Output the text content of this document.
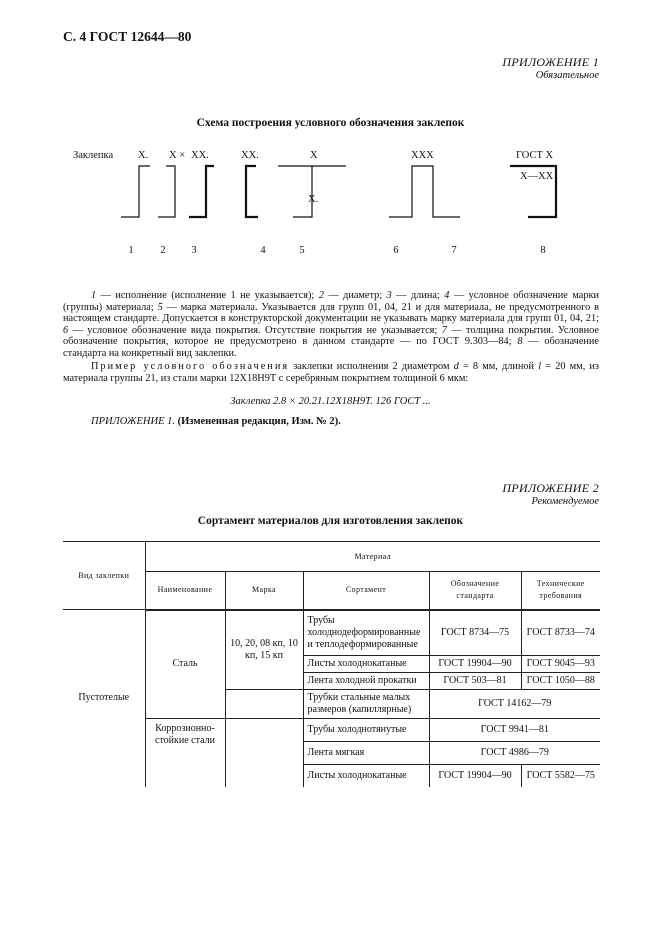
С. 4 ГОСТ 12644—80
ПРИЛОЖЕНИЕ 1
Обязательное
Схема построения условного обозначения заклепок
Заклепка Х. Х × ХХ.	ХХ.	Х
Х.
ХХХ	ГОСТ Х
...
Х—ХХ
1	2	3	4	5	6	7	8

1 — исполнение (исполнение 1 не указывается); 2 — диаметр; 3 — длина; 4 — условное обозначение марки (группы) материала; 5 — марка материала. Указывается для групп 01, 04, 21 и для материала, не предусмотренного в настоящем стандарте. Допускается в конструкторской документации не указывать марку материала для групп 01, 04, 21; 6 — условное обозначение вида покрытия. Отсутствие покрытия не указывается; 7 — толщина покрытия. Условное обозначение покрытия, которое не предусмотрено в данном стандарте — по ГОСТ 9.303—84; 8 — обозначение стандарта на конкретный вид заклепки.

Пример условного обозначения заклепки исполнения 2 диаметром d = 8 мм, длиной l = 20 мм, из материала группы 21, из стали марки 12Х18Н9Т с серебряным покрытием толщиной 6 мкм:

Заклепка 2.8 × 20.21.12Х18Н9Т. 126 ГОСТ ...
ПРИЛОЖЕНИЕ 1. (Измененная редакция, Изм. № 2).
ПРИЛОЖЕНИЕ 2
Рекомендуемое
Сортамент материалов для изготовления заклепок
Вид заклепки	Материал				
	Наименование	Марка	Сортамент	Обозначение стандарта	Технические требования
Пустотелые	Сталь	10, 20, 08 кп, 10 кп, 15 кп	Трубы холоднодеформированные и теплодеформированные	ГОСТ 8734—75	ГОСТ 8733—74
			Листы холоднокатаные	ГОСТ 19904—90	ГОСТ 9045—93
			Лента холодной прокатки	ГОСТ 503—81	ГОСТ 1050—88
			Трубки стальные малых размеров (капиллярные)	ГОСТ 14162—79	
	Коррозионно-стойкие стали		Трубы холоднотянутые	ГОСТ 9941—81	
			Лента мягкая	ГОСТ 4986—79	
			Листы холоднокатаные	ГОСТ 19904—90	ГОСТ 5582—75
